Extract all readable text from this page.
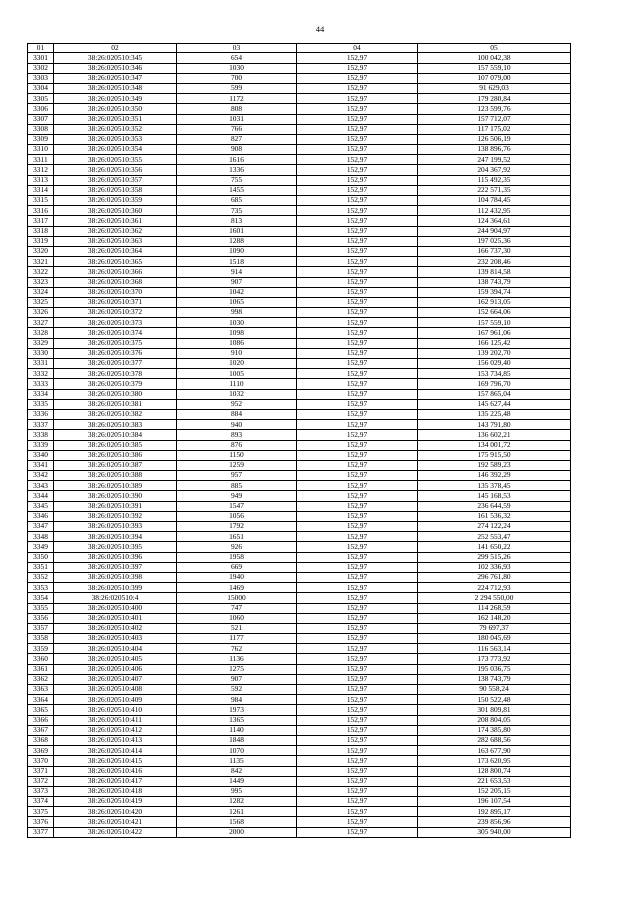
44
01	02	03	04	05
3301	38:26:020510:345	654	152,97	100 042,38
3302	38:26:020510:346	1030	152,97	157 559,10
3303	38:26:020510:347	700	152,97	107 079,00
3304	38:26:020510:348	599	152,97	91 629,03
3305	38:26:020510:349	1172	152,97	179 280,84
3306	38:26:020510:350	808	152,97	123 599,76
3307	38:26:020510:351	1031	152,97	157 712,07
3308	38:26:020510:352	766	152,97	117 175,02
3309	38:26:020510:353	827	152,97	126 506,19
3310	38:26:020510:354	908	152,97	138 896,76
3311	38:26:020510:355	1616	152,97	247 199,52
3312	38:26:020510:356	1336	152,97	204 367,92
3313	38:26:020510:357	755	152,97	115 492,35
3314	38:26:020510:358	1455	152,97	222 571,35
3315	38:26:020510:359	685	152,97	104 784,45
3316	38:26:020510:360	735	152,97	112 432,95
3317	38:26:020510:361	813	152,97	124 364,61
3318	38:26:020510:362	1601	152,97	244 904,97
3319	38:26:020510:363	1288	152,97	197 025,36
3320	38:26:020510:364	1090	152,97	166 737,30
3321	38:26:020510:365	1518	152,97	232 208,46
3322	38:26:020510:366	914	152,97	139 814,58
3323	38:26:020510:368	907	152,97	138 743,79
3324	38:26:020510:370	1042	152,97	159 394,74
3325	38:26:020510:371	1065	152,97	162 913,05
3326	38:26:020510:372	998	152,97	152 664,06
3327	38:26:020510:373	1030	152,97	157 559,10
3328	38:26:020510:374	1098	152,97	167 961,06
3329	38:26:020510:375	1086	152,97	166 125,42
3330	38:26:020510:376	910	152,97	139 202,70
3331	38:26:020510:377	1020	152,97	156 029,40
3332	38:26:020510:378	1005	152,97	153 734,85
3333	38:26:020510:379	1110	152,97	169 796,70
3334	38:26:020510:380	1032	152,97	157 865,04
3335	38:26:020510:381	952	152,97	145 627,44
3336	38:26:020510:382	884	152,97	135 225,48
3337	38:26:020510:383	940	152,97	143 791,80
3338	38:26:020510:384	893	152,97	136 602,21
3339	38:26:020510:385	876	152,97	134 001,72
3340	38:26:020510:386	1150	152,97	175 915,50
3341	38:26:020510:387	1259	152,97	192 589,23
3342	38:26:020510:388	957	152,97	146 392,29
3343	38:26:020510:389	885	152,97	135 378,45
3344	38:26:020510:390	949	152,97	145 168,53
3345	38:26:020510:391	1547	152,97	236 644,59
3346	38:26:020510:392	1056	152,97	161 536,32
3347	38:26:020510:393	1792	152,97	274 122,24
3348	38:26:020510:394	1651	152,97	252 553,47
3349	38:26:020510:395	926	152,97	141 650,22
3350	38:26:020510:396	1958	152,97	299 515,26
3351	38:26:020510:397	669	152,97	102 336,93
3352	38:26:020510:398	1940	152,97	296 761,80
3353	38:26:020510:399	1469	152,97	224 712,93
3354	38:26:020510:4	15000	152,97	2 294 550,00
3355	38:26:020510:400	747	152,97	114 268,59
3356	38:26:020510:401	1060	152,97	162 148,20
3357	38:26:020510:402	521	152,97	79 697,37
3358	38:26:020510:403	1177	152,97	180 045,69
3359	38:26:020510:404	762	152,97	116 563,14
3360	38:26:020510:405	1136	152,97	173 773,92
3361	38:26:020510:406	1275	152,97	195 036,75
3362	38:26:020510:407	907	152,97	138 743,79
3363	38:26:020510:408	592	152,97	90 558,24
3364	38:26:020510:409	984	152,97	150 522,48
3365	38:26:020510:410	1973	152,97	301 809,81
3366	38:26:020510:411	1365	152,97	208 804,05
3367	38:26:020510:412	1140	152,97	174 385,80
3368	38:26:020510:413	1848	152,97	282 688,56
3369	38:26:020510:414	1070	152,97	163 677,90
3370	38:26:020510:415	1135	152,97	173 620,95
3371	38:26:020510:416	842	152,97	128 800,74
3372	38:26:020510:417	1449	152,97	221 653,53
3373	38:26:020510:418	995	152,97	152 205,15
3374	38:26:020510:419	1282	152,97	196 107,54
3375	38:26:020510:420	1261	152,97	192 895,17
3376	38:26:020510:421	1568	152,97	239 856,96
3377	38:26:020510:422	2000	152,97	305 940,00
